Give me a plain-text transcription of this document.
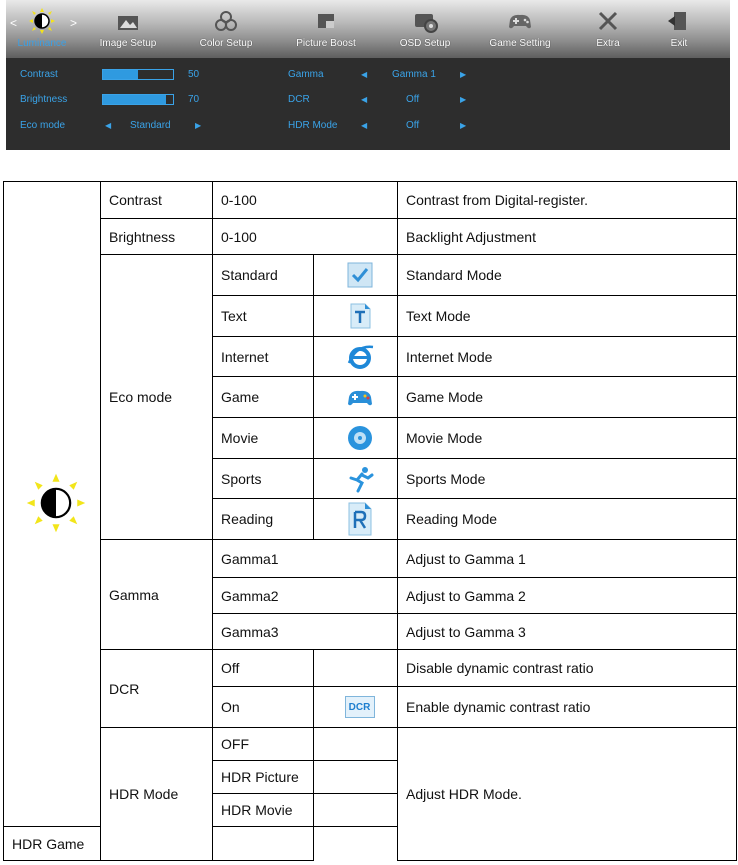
<	>
Luminance	Image Setup	Color Setup	Picture Boost	OSD Setup	Game Setting	Extra	Exit
Contrast	50
Brightness	70
Eco mode	◀ Standard	▶
Gamma	◀ Gamma 1	▶
DCR	◀	Off	▶
HDR Mode	◀	Off	▶
	Contrast	0-100		Contrast from Digital-register.
	Brightness	0-100		Backlight Adjustment
	Eco mode	Standard		Standard Mode
		Text		Text Mode
		Internet		Internet Mode
		Game		Game Mode
		Movie		Movie Mode
		Sports		Sports Mode
		Reading		Reading Mode
	Gamma	Gamma1		Adjust to Gamma 1
		Gamma2		Adjust to Gamma 2
		Gamma3		Adjust to Gamma 3
	DCR	Off		Disable dynamic contrast ratio
		On	DCR	Enable dynamic contrast ratio
	HDR Mode	OFF		Adjust HDR Mode.
		HDR Picture		
		HDR Movie		
HDR Game				
